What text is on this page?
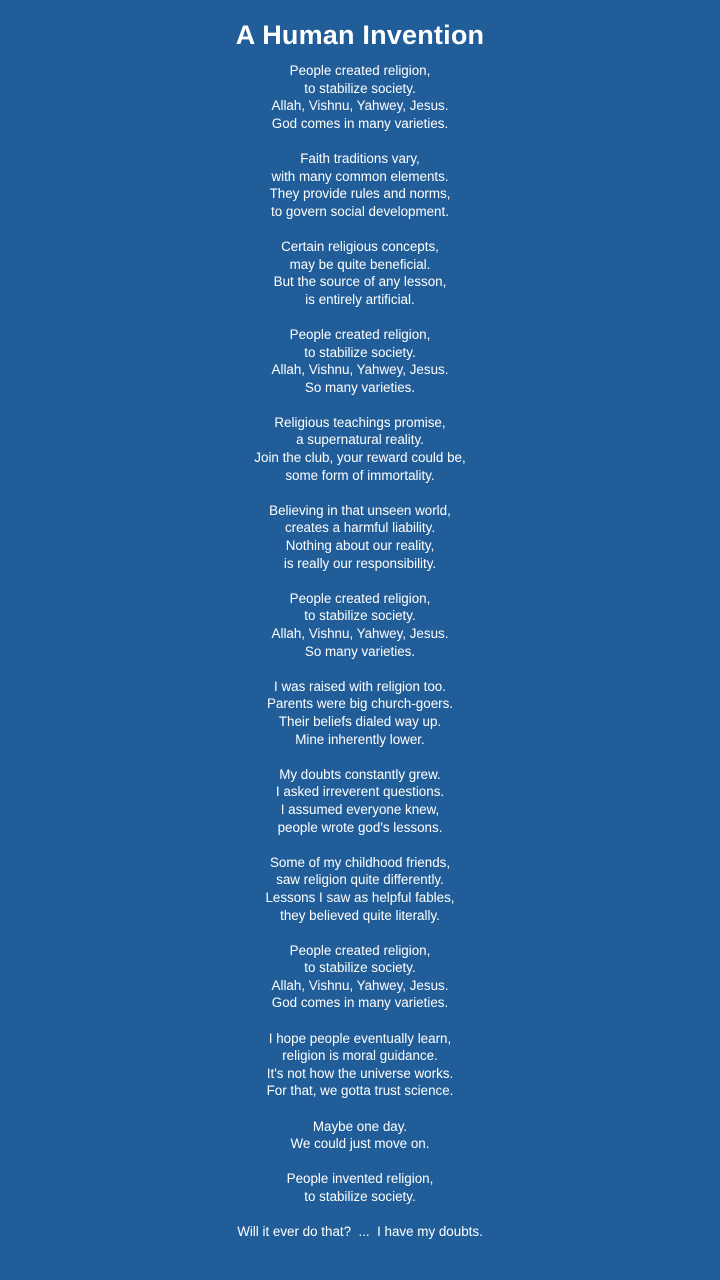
A Human Invention
People created religion,
to stabilize society.
Allah, Vishnu, Yahwey, Jesus.
God comes in many varieties.
Faith traditions vary,
with many common elements.
They provide rules and norms,
to govern social development.
Certain religious concepts,
may be quite beneficial.
But the source of any lesson,
is entirely artificial.
People created religion,
to stabilize society.
Allah, Vishnu, Yahwey, Jesus.
So many varieties.
Religious teachings promise,
a supernatural reality.
Join the club, your reward could be,
some form of immortality.
Believing in that unseen world,
creates a harmful liability.
Nothing about our reality,
is really our responsibility.
People created religion,
to stabilize society.
Allah, Vishnu, Yahwey, Jesus.
So many varieties.
I was raised with religion too.
Parents were big church-goers.
Their beliefs dialed way up.
Mine inherently lower.
My doubts constantly grew.
I asked irreverent questions.
I assumed everyone knew,
people wrote god's lessons.
Some of my childhood friends,
saw religion quite differently.
Lessons I saw as helpful fables,
they believed quite literally.
People created religion,
to stabilize society.
Allah, Vishnu, Yahwey, Jesus.
God comes in many varieties.
I hope people eventually learn,
religion is moral guidance.
It's not how the universe works.
For that, we gotta trust science.
Maybe one day.
We could just move on.
People invented religion,
to stabilize society.
Will it ever do that?  ...  I have my doubts.
